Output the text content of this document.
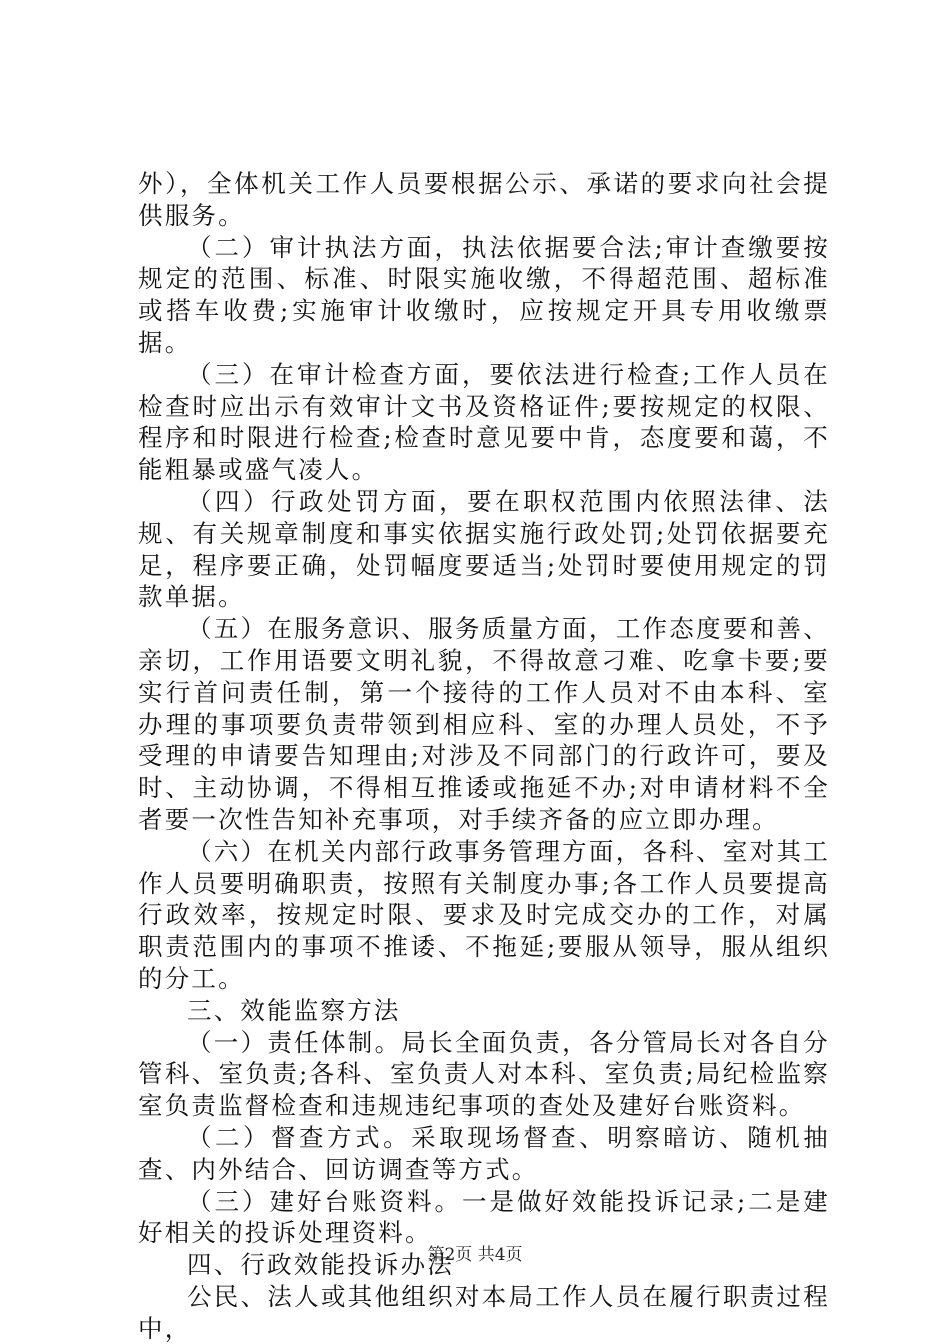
外），全体机关工作人员要根据公示、承诺的要求向社会提供服务。

（二）审计执法方面，执法依据要合法;审计查缴要按规定的范围、标准、时限实施收缴，不得超范围、超标准或搭车收费;实施审计收缴时，应按规定开具专用收缴票据。

（三）在审计检查方面，要依法进行检查;工作人员在检查时应出示有效审计文书及资格证件;要按规定的权限、程序和时限进行检查;检查时意见要中肯，态度要和蔼，不能粗暴或盛气凌人。

（四）行政处罚方面，要在职权范围内依照法律、法规、有关规章制度和事实依据实施行政处罚;处罚依据要充足，程序要正确，处罚幅度要适当;处罚时要使用规定的罚款单据。

（五）在服务意识、服务质量方面，工作态度要和善、亲切，工作用语要文明礼貌，不得故意刁难、吃拿卡要;要实行首问责任制，第一个接待的工作人员对不由本科、室办理的事项要负责带领到相应科、室的办理人员处，不予受理的申请要告知理由;对涉及不同部门的行政许可，要及时、主动协调，不得相互推诿或拖延不办;对申请材料不全者要一次性告知补充事项，对手续齐备的应立即办理。

（六）在机关内部行政事务管理方面，各科、室对其工作人员要明确职责，按照有关制度办事;各工作人员要提高行政效率，按规定时限、要求及时完成交办的工作，对属职责范围内的事项不推诿、不拖延;要服从领导，服从组织的分工。

三、效能监察方法

（一）责任体制。局长全面负责，各分管局长对各自分管科、室负责;各科、室负责人对本科、室负责;局纪检监察室负责监督检查和违规违纪事项的查处及建好台账资料。

（二）督查方式。采取现场督查、明察暗访、随机抽查、内外结合、回访调查等方式。

（三）建好台账资料。一是做好效能投诉记录;二是建好相关的投诉处理资料。

四、行政效能投诉办法

公民、法人或其他组织对本局工作人员在履行职责过程中，

第2页 共4页
